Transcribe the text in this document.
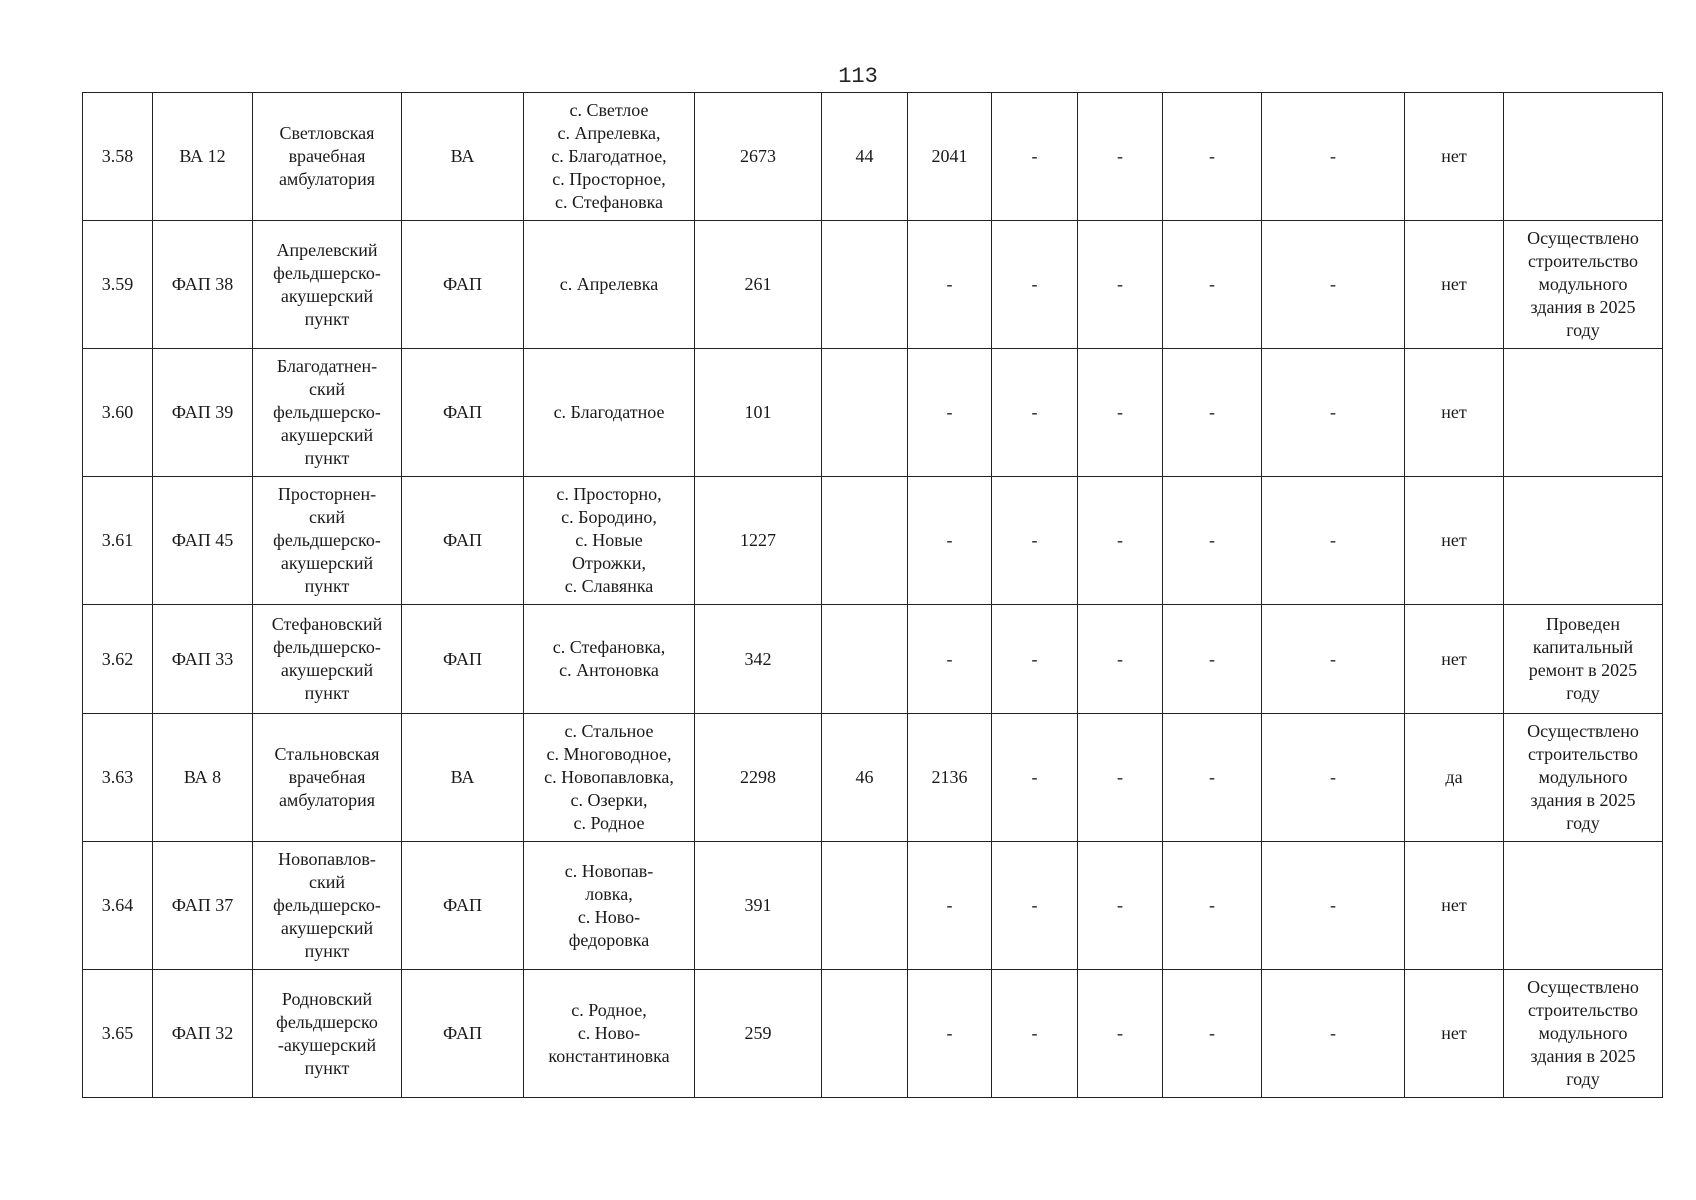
113
3.58	ВА 12	Светловская
врачебная
амбулатория	ВА	с. Светлое
с. Апрелевка,
с. Благодатное,
с. Просторное,
с. Стефановка	2673	44	2041	-	-	-	-	нет	
3.59	ФАП 38	Апрелевский
фельдшерско-
акушерский
пункт	ФАП	с. Апрелевка	261		-	-	-	-	-	нет	Осуществлено
строительство
модульного
здания в 2025
году
3.60	ФАП 39	Благодатнен-
ский
фельдшерско-
акушерский
пункт	ФАП	с. Благодатное	101		-	-	-	-	-	нет	
3.61	ФАП 45	Просторнен-
ский
фельдшерско-
акушерский
пункт	ФАП	с. Просторно,
с. Бородино,
с. Новые
Отрожки,
с. Славянка	1227		-	-	-	-	-	нет	
3.62	ФАП 33	Стефановский
фельдшерско-
акушерский
пункт	ФАП	с. Стефановка,
с. Антоновка	342		-	-	-	-	-	нет	Проведен
капитальный
ремонт в 2025
году
3.63	ВА 8	Стальновская
врачебная
амбулатория	ВА	с. Стальное
с. Многоводное,
с. Новопавловка,
с. Озерки,
с. Родное	2298	46	2136	-	-	-	-	да	Осуществлено
строительство
модульного
здания в 2025
году
3.64	ФАП 37	Новопавлов-
ский
фельдшерско-
акушерский
пункт	ФАП	с. Новопав-
ловка,
с. Ново-
федоровка	391		-	-	-	-	-	нет	
3.65	ФАП 32	Родновский
фельдшерско
-акушерский
пункт	ФАП	с. Родное,
с. Ново-
константиновка	259		-	-	-	-	-	нет	Осуществлено
строительство
модульного
здания в 2025
году
